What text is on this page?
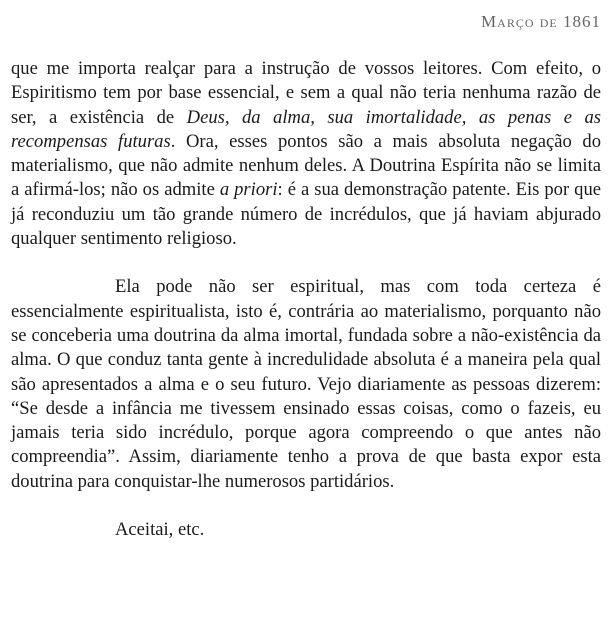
Março de 1861

que me importa realçar para a instrução de vossos leitores. Com efeito, o Espiritismo tem por base essencial, e sem a qual não teria nenhuma razão de ser, a existência de Deus, da alma, sua imortalidade, as penas e as recompensas futuras. Ora, esses pontos são a mais absoluta negação do materialismo, que não admite nenhum deles. A Doutrina Espírita não se limita a afirmá-los; não os admite a priori: é a sua demonstração patente. Eis por que já reconduziu um tão grande número de incrédulos, que já haviam abjurado qualquer sentimento religioso.

Ela pode não ser espiritual, mas com toda certeza é essencialmente espiritualista, isto é, contrária ao materialismo, porquanto não se conceberia uma doutrina da alma imortal, fundada sobre a não-existência da alma. O que conduz tanta gente à incredulidade absoluta é a maneira pela qual são apresentados a alma e o seu futuro. Vejo diariamente as pessoas dizerem: “Se desde a infância me tivessem ensinado essas coisas, como o fazeis, eu jamais teria sido incrédulo, porque agora compreendo o que antes não compreendia”. Assim, diariamente tenho a prova de que basta expor esta doutrina para conquistar-lhe numerosos partidários.

Aceitai, etc.
